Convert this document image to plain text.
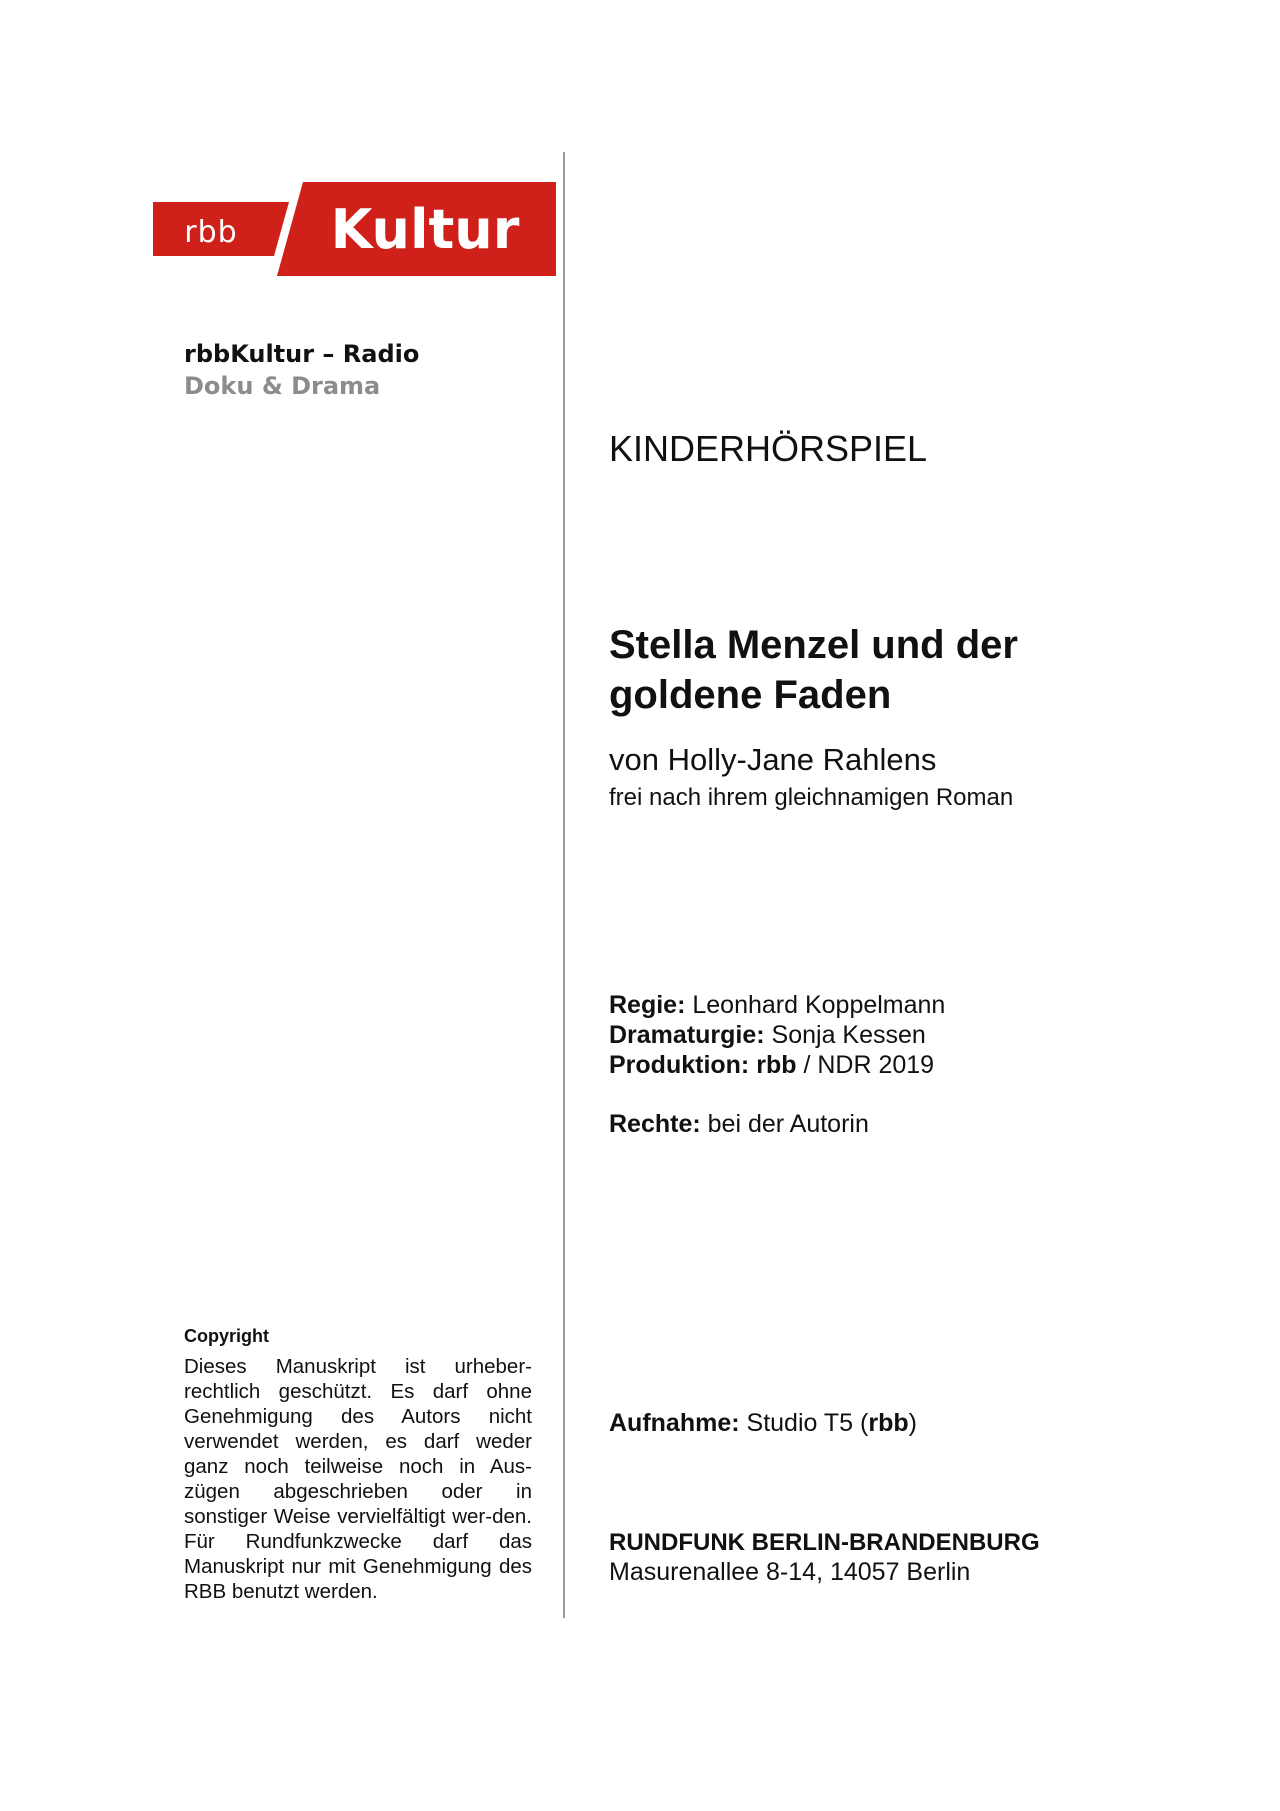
rbb Kultur
rbbKultur – Radio
Doku & Drama
Copyright
Dieses Manuskript ist urheber-rechtlich geschützt. Es darf ohne Genehmigung des Autors nicht verwendet werden, es darf weder ganz noch teilweise noch in Aus-zügen abgeschrieben oder in sonstiger Weise vervielfältigt wer-den. Für Rundfunkzwecke darf das Manuskript nur mit Genehmigung des RBB benutzt werden.
KINDERHÖRSPIEL
Stella Menzel und der
goldene Faden
von Holly-Jane Rahlens
frei nach ihrem gleichnamigen Roman
Regie: Leonhard Koppelmann
Dramaturgie: Sonja Kessen
Produktion: rbb / NDR 2019
Rechte: bei der Autorin
Aufnahme: Studio T5 (rbb)
RUNDFUNK BERLIN-BRANDENBURG
Masurenallee 8-14, 14057 Berlin
